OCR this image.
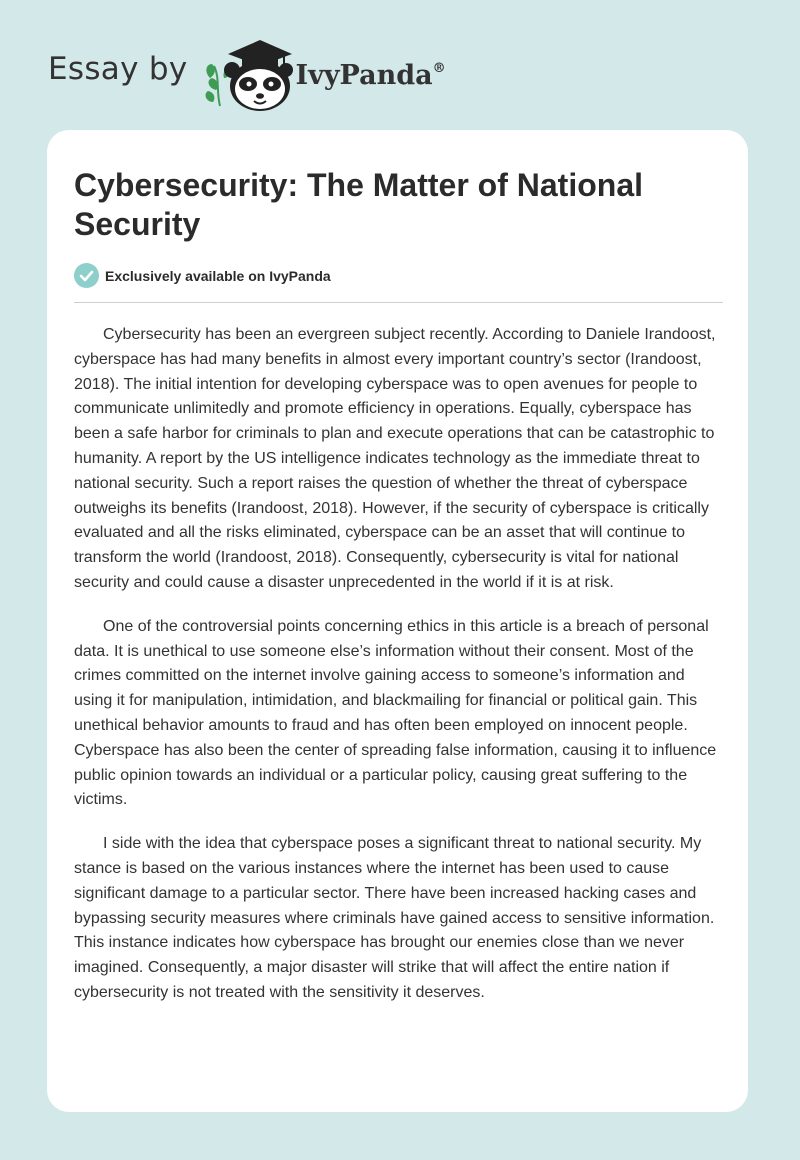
Essay by	IvyPanda®
Cybersecurity: The Matter of National Security
Exclusively available on IvyPanda

Cybersecurity has been an evergreen subject recently. According to Daniele Irandoost, cyberspace has had many benefits in almost every important country’s sector (Irandoost, 2018). The initial intention for developing cyberspace was to open avenues for people to communicate unlimitedly and promote efficiency in operations. Equally, cyberspace has been a safe harbor for criminals to plan and execute operations that can be catastrophic to humanity. A report by the US intelligence indicates technology as the immediate threat to national security. Such a report raises the question of whether the threat of cyberspace outweighs its benefits (Irandoost, 2018). However, if the security of cyberspace is critically evaluated and all the risks eliminated, cyberspace can be an asset that will continue to transform the world (Irandoost, 2018). Consequently, cybersecurity is vital for national security and could cause a disaster unprecedented in the world if it is at risk.

One of the controversial points concerning ethics in this article is a breach of personal data. It is unethical to use someone else’s information without their consent. Most of the crimes committed on the internet involve gaining access to someone’s information and using it for manipulation, intimidation, and blackmailing for financial or political gain. This unethical behavior amounts to fraud and has often been employed on innocent people. Cyberspace has also been the center of spreading false information, causing it to influence public opinion towards an individual or a particular policy, causing great suffering to the victims.

I side with the idea that cyberspace poses a significant threat to national security. My stance is based on the various instances where the internet has been used to cause significant damage to a particular sector. There have been increased hacking cases and bypassing security measures where criminals have gained access to sensitive information. This instance indicates how cyberspace has brought our enemies close than we never imagined. Consequently, a major disaster will strike that will affect the entire nation if cybersecurity is not treated with the sensitivity it deserves.
